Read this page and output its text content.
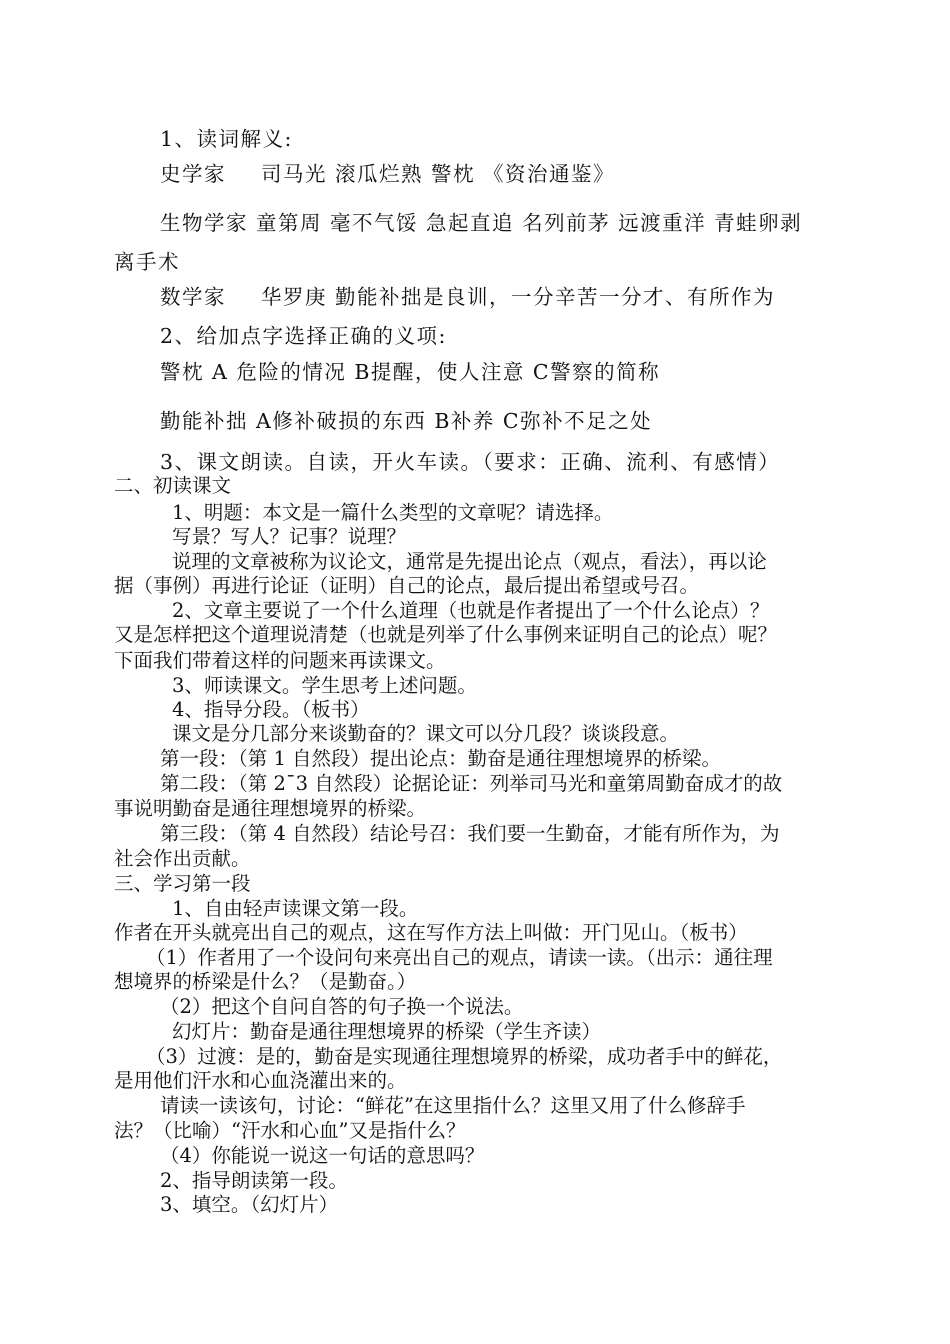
1、读词解义:

史学家 司马光 滚瓜烂熟 警枕 《资治通鉴》

生物学家 童第周 毫不气馁 急起直追 名列前茅 远渡重洋 青蛙卵剥

离手术

数学家 华罗庚 勤能补拙是良训，一分辛苦一分才、有所作为

2、给加点字选择正确的义项:

警枕 A 危险的情况 B提醒，使人注意 C警察的简称

勤能补拙 A修补破损的东西 B补养 C弥补不足之处

3、课文朗读。自读，开火车读。（要求：正确、流利、有感情）

二、初读课文

1、明题：本文是一篇什么类型的文章呢？请选择。

写景？写人？记事？说理？

说理的文章被称为议论文，通常是先提出论点（观点，看法），再以论

据（事例）再进行论证（证明）自己的论点，最后提出希望或号召。

2、文章主要说了一个什么道理（也就是作者提出了一个什么论点）？

又是怎样把这个道理说清楚（也就是列举了什么事例来证明自己的论点）呢？

下面我们带着这样的问题来再读课文。

3、师读课文。学生思考上述问题。

4、指导分段。（板书）

课文是分几部分来谈勤奋的？课文可以分几段？谈谈段意。

第一段：（第 1 自然段）提出论点：勤奋是通往理想境界的桥梁。

第二段：（第 2¯3 自然段）论据论证：列举司马光和童第周勤奋成才的故

事说明勤奋是通往理想境界的桥梁。

第三段：（第 4 自然段）结论号召：我们要一生勤奋，才能有所作为，为

社会作出贡献。

三、学习第一段

1、自由轻声读课文第一段。

作者在开头就亮出自己的观点，这在写作方法上叫做：开门见山。（板书）

（1）作者用了一个设问句来亮出自己的观点，请读一读。（出示：通往理

想境界的桥梁是什么？（是勤奋。）

（2）把这个自问自答的句子换一个说法。

幻灯片：勤奋是通往理想境界的桥梁（学生齐读）

（3）过渡：是的，勤奋是实现通往理想境界的桥梁，成功者手中的鲜花，

是用他们汗水和心血浇灌出来的。

请读一读该句，讨论：“鲜花”在这里指什么？这里又用了什么修辞手

法？（比喻）“汗水和心血”又是指什么？

（4）你能说一说这一句话的意思吗？

2、指导朗读第一段。

3、填空。（幻灯片）
